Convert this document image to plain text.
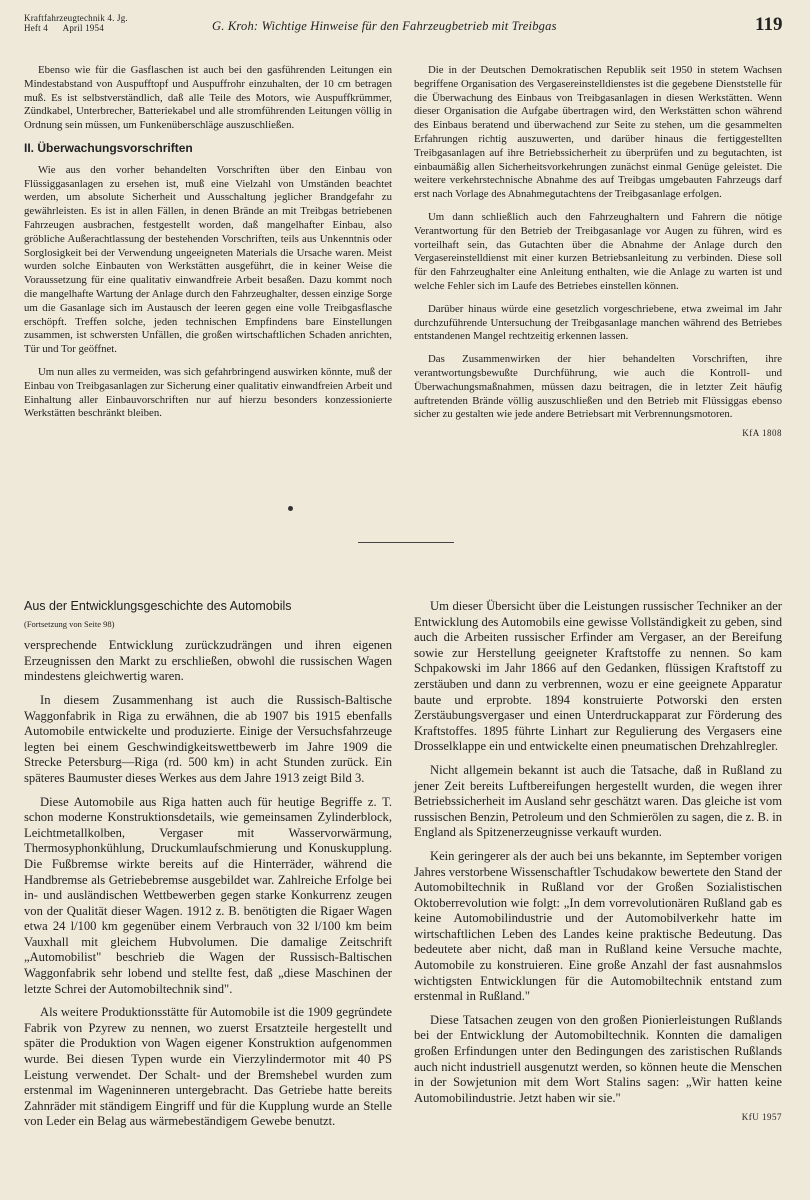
Kraftfahrzeugtechnik 4. Jg.
Heft 4 April 1954	G. Kroh: Wichtige Hinweise für den Fahrzeugbetrieb mit Treibgas	119

Ebenso wie für die Gasflaschen ist auch bei den gasführenden Leitungen ein Mindestabstand von Auspufftopf und Auspuffrohr einzuhalten, der 10 cm betragen muß. Es ist selbstverständlich, daß alle Teile des Motors, wie Auspuffkrümmer, Zündkabel, Unterbrecher, Batteriekabel und alle stromführenden Leitungen völlig in Ordnung sein müssen, um Funkenüberschläge auszuschließen.

II. Überwachungsvorschriften

Wie aus den vorher behandelten Vorschriften über den Einbau von Flüssiggasanlagen zu ersehen ist, muß eine Vielzahl von Umständen beachtet werden, um absolute Sicherheit und Ausschaltung jeglicher Brandgefahr zu gewährleisten. Es ist in allen Fällen, in denen Brände an mit Treibgas betriebenen Fahrzeugen ausbrachen, festgestellt worden, daß mangelhafter Einbau, also gröbliche Außerachtlassung der bestehenden Vorschriften, teils aus Unkenntnis oder Sorglosigkeit bei der Verwendung ungeeigneten Materials die Ursache waren. Meist wurden solche Einbauten von Werkstätten ausgeführt, die in keiner Weise die Voraussetzung für eine qualitativ einwandfreie Arbeit besaßen. Dazu kommt noch die mangelhafte Wartung der Anlage durch den Fahrzeughalter, dessen einzige Sorge um die Gasanlage sich im Austausch der leeren gegen eine volle Treibgasflasche erschöpft. Treffen solche, jeden technischen Empfindens bare Einstellungen zusammen, ist schwersten Unfällen, die großen wirtschaftlichen Schaden anrichten, Tür und Tor geöffnet.

Um nun alles zu vermeiden, was sich gefahrbringend auswirken könnte, muß der Einbau von Treibgasanlagen zur Sicherung einer qualitativ einwandfreien Arbeit und Einhaltung aller Einbauvorschriften nur auf hierzu besonders konzessionierte Werkstätten beschränkt bleiben.

Die in der Deutschen Demokratischen Republik seit 1950 in stetem Wachsen begriffene Organisation des Vergasereinstelldienstes ist die gegebene Dienststelle für die Überwachung des Einbaus von Treibgasanlagen in diesen Werkstätten. Wenn dieser Organisation die Aufgabe übertragen wird, den Werkstätten schon während des Einbaus beratend und überwachend zur Seite zu stehen, um die gesammelten Erfahrungen richtig auszuwerten, und darüber hinaus die fertiggestellten Treibgasanlagen auf ihre Betriebssicherheit zu überprüfen und zu begutachten, ist einbaumäßig allen Sicherheitsvorkehrungen zunächst einmal Genüge geleistet. Die weitere verkehrstechnische Abnahme des auf Treibgas umgebauten Fahrzeugs darf erst nach Vorlage des Abnahmegutachtens der Treibgasanlage erfolgen.

Um dann schließlich auch den Fahrzeughaltern und Fahrern die nötige Verantwortung für den Betrieb der Treibgasanlage vor Augen zu führen, wird es vorteilhaft sein, das Gutachten über die Abnahme der Anlage durch den Vergasereinstelldienst mit einer kurzen Betriebsanleitung zu verbinden. Diese soll für den Fahrzeughalter eine Anleitung enthalten, wie die Anlage zu warten ist und welche Fehler sich im Laufe des Betriebes einstellen können.

Darüber hinaus würde eine gesetzlich vorgeschriebene, etwa zweimal im Jahr durchzuführende Untersuchung der Treibgasanlage manchen während des Betriebes entstandenen Mangel rechtzeitig erkennen lassen.

Das Zusammenwirken der hier behandelten Vorschriften, ihre verantwortungsbewußte Durchführung, wie auch die Kontroll- und Überwachungsmaßnahmen, müssen dazu beitragen, die in letzter Zeit häufig auftretenden Brände völlig auszuschließen und den Betrieb mit Flüssiggas ebenso sicher zu gestalten wie jede andere Betriebsart mit Verbrennungsmotoren.

KfA 1808
Aus der Entwicklungsgeschichte des Automobils
(Fortsetzung von Seite 98)

versprechende Entwicklung zurückzudrängen und ihren eigenen Erzeugnissen den Markt zu erschließen, obwohl die russischen Wagen mindestens gleichwertig waren.

In diesem Zusammenhang ist auch die Russisch-Baltische Waggonfabrik in Riga zu erwähnen, die ab 1907 bis 1915 ebenfalls Automobile entwickelte und produzierte. Einige der Versuchsfahrzeuge legten bei einem Geschwindigkeitswettbewerb im Jahre 1909 die Strecke Petersburg—Riga (rd. 500 km) in acht Stunden zurück. Ein späteres Baumuster dieses Werkes aus dem Jahre 1913 zeigt Bild 3.

Diese Automobile aus Riga hatten auch für heutige Begriffe z. T. schon moderne Konstruktionsdetails, wie gemeinsamen Zylinderblock, Leichtmetallkolben, Vergaser mit Wasservorwärmung, Thermosyphonkühlung, Druckumlaufschmierung und Konuskupplung. Die Fußbremse wirkte bereits auf die Hinterräder, während die Handbremse als Getriebebremse ausgebildet war. Zahlreiche Erfolge bei in- und ausländischen Wettbewerben gegen starke Konkurrenz zeugen von der Qualität dieser Wagen. 1912 z. B. benötigten die Rigaer Wagen etwa 24 l/100 km gegenüber einem Verbrauch von 32 l/100 km beim Vauxhall mit gleichem Hubvolumen. Die damalige Zeitschrift „Automobilist" beschrieb die Wagen der Russisch-Baltischen Waggonfabrik sehr lobend und stellte fest, daß „diese Maschinen der letzte Schrei der Automobiltechnik sind".

Als weitere Produktionsstätte für Automobile ist die 1909 gegründete Fabrik von Pzyrew zu nennen, wo zuerst Ersatzteile hergestellt und später die Produktion von Wagen eigener Konstruktion aufgenommen wurde. Bei diesen Typen wurde ein Vierzylindermotor mit 40 PS Leistung verwendet. Der Schalt- und der Bremshebel wurden zum erstenmal im Wageninneren untergebracht. Das Getriebe hatte bereits Zahnräder mit ständigem Eingriff und für die Kupplung wurde an Stelle von Leder ein Belag aus wärmebeständigem Gewebe benutzt.

Um dieser Übersicht über die Leistungen russischer Techniker an der Entwicklung des Automobils eine gewisse Vollständigkeit zu geben, sind auch die Arbeiten russischer Erfinder am Vergaser, an der Bereifung sowie zur Herstellung geeigneter Kraftstoffe zu nennen. So kam Schpakowski im Jahr 1866 auf den Gedanken, flüssigen Kraftstoff zu zerstäuben und dann zu verbrennen, wozu er eine geeignete Apparatur baute und erprobte. 1894 konstruierte Potworski den ersten Zerstäubungsvergaser und einen Unterdruckapparat zur Förderung des Kraftstoffes. 1895 führte Linhart zur Regulierung des Vergasers eine Drosselklappe ein und entwickelte einen pneumatischen Drehzahlregler.

Nicht allgemein bekannt ist auch die Tatsache, daß in Rußland zu jener Zeit bereits Luftbereifungen hergestellt wurden, die wegen ihrer Betriebssicherheit im Ausland sehr geschätzt waren. Das gleiche ist vom russischen Benzin, Petroleum und den Schmierölen zu sagen, die z. B. in England als Spitzenerzeugnisse verkauft wurden.

Kein geringerer als der auch bei uns bekannte, im September vorigen Jahres verstorbene Wissenschaftler Tschudakow bewertete den Stand der Automobiltechnik in Rußland vor der Großen Sozialistischen Oktoberrevolution wie folgt: „In dem vorrevolutionären Rußland gab es keine Automobilindustrie und der Automobilverkehr hatte im wirtschaftlichen Leben des Landes keine praktische Bedeutung. Das bedeutete aber nicht, daß man in Rußland keine Versuche machte, Automobile zu konstruieren. Eine große Anzahl der fast ausnahmslos wichtigsten Entwicklungen für die Automobiltechnik entstand zum erstenmal in Rußland."

Diese Tatsachen zeugen von den großen Pionierleistungen Rußlands bei der Entwicklung der Automobiltechnik. Konnten die damaligen großen Erfindungen unter den Bedingungen des zaristischen Rußlands auch nicht industriell ausgenutzt werden, so können heute die Menschen in der Sowjetunion mit dem Wort Stalins sagen: „Wir hatten keine Automobilindustrie. Jetzt haben wir sie."

KfU 1957
